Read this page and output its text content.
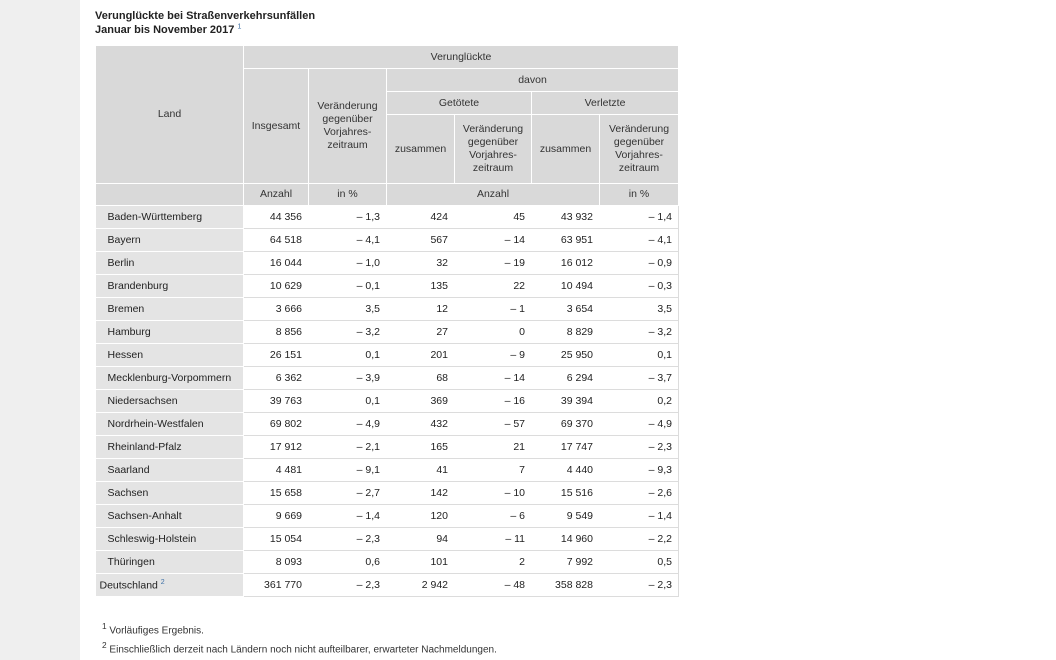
Verunglückte bei Straßenverkehrsunfällen
Januar bis November 2017 $^1$
Land	Verunglückte					
	Insgesamt	Veränderung gegenüber Vorjahres-zeitraum	davon			
			Getötete		Verletzte	
			zusammen	Veränderung gegenüber Vorjahres-zeitraum	zusammen	Veränderung gegenüber Vorjahres-zeitraum
	Anzahl	in %	Anzahl			in %
Baden-Württemberg	44 356	– 1,3	424	45	43 932	– 1,4
Bayern	64 518	– 4,1	567	– 14	63 951	– 4,1
Berlin	16 044	– 1,0	32	– 19	16 012	– 0,9
Brandenburg	10 629	– 0,1	135	22	10 494	– 0,3
Bremen	3 666	3,5	12	– 1	3 654	3,5
Hamburg	8 856	– 3,2	27	0	8 829	– 3,2
Hessen	26 151	0,1	201	– 9	25 950	0,1
Mecklenburg-Vorpommern	6 362	– 3,9	68	– 14	6 294	– 3,7
Niedersachsen	39 763	0,1	369	– 16	39 394	0,2
Nordrhein-Westfalen	69 802	– 4,9	432	– 57	69 370	– 4,9
Rheinland-Pfalz	17 912	– 2,1	165	21	17 747	– 2,3
Saarland	4 481	– 9,1	41	7	4 440	– 9,3
Sachsen	15 658	– 2,7	142	– 10	15 516	– 2,6
Sachsen-Anhalt	9 669	– 1,4	120	– 6	9 549	– 1,4
Schleswig-Holstein	15 054	– 2,3	94	– 11	14 960	– 2,2
Thüringen	8 093	0,6	101	2	7 992	0,5
Deutschland $^2$	361 770	– 2,3	2 942	– 48	358 828	– 2,3
$^1$ Vorläufiges Ergebnis.
$^2$ Einschließlich derzeit nach Ländern noch nicht aufteilbarer, erwarteter Nachmeldungen.
